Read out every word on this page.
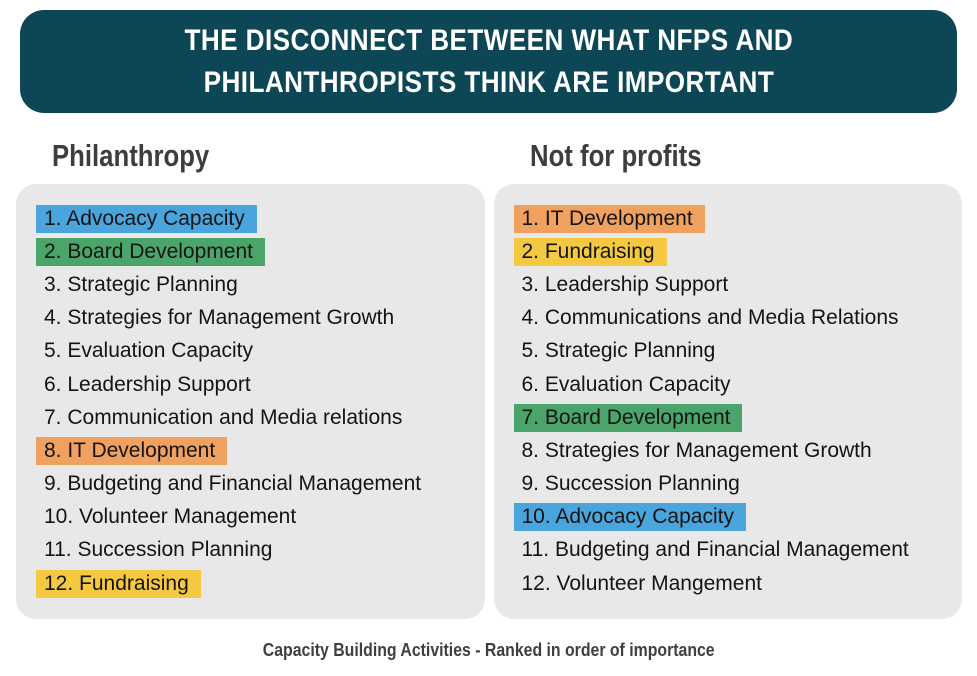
THE DISCONNECT BETWEEN WHAT NFPS AND
PHILANTHROPISTS THINK ARE IMPORTANT
Philanthropy
1. Advocacy Capacity
2. Board Development
3. Strategic Planning
4. Strategies for Management Growth
5. Evaluation Capacity
6. Leadership Support
7. Communication and Media relations
8. IT Development
9. Budgeting and Financial Management
10. Volunteer Management
11. Succession Planning
12. Fundraising
Not for profits
1. IT Development
2. Fundraising
3. Leadership Support
4. Communications and Media Relations
5. Strategic Planning
6. Evaluation Capacity
7. Board Development
8. Strategies for Management Growth
9. Succession Planning
10. Advocacy Capacity
11. Budgeting and Financial Management
12. Volunteer Mangement
Capacity Building Activities - Ranked in order of importance
